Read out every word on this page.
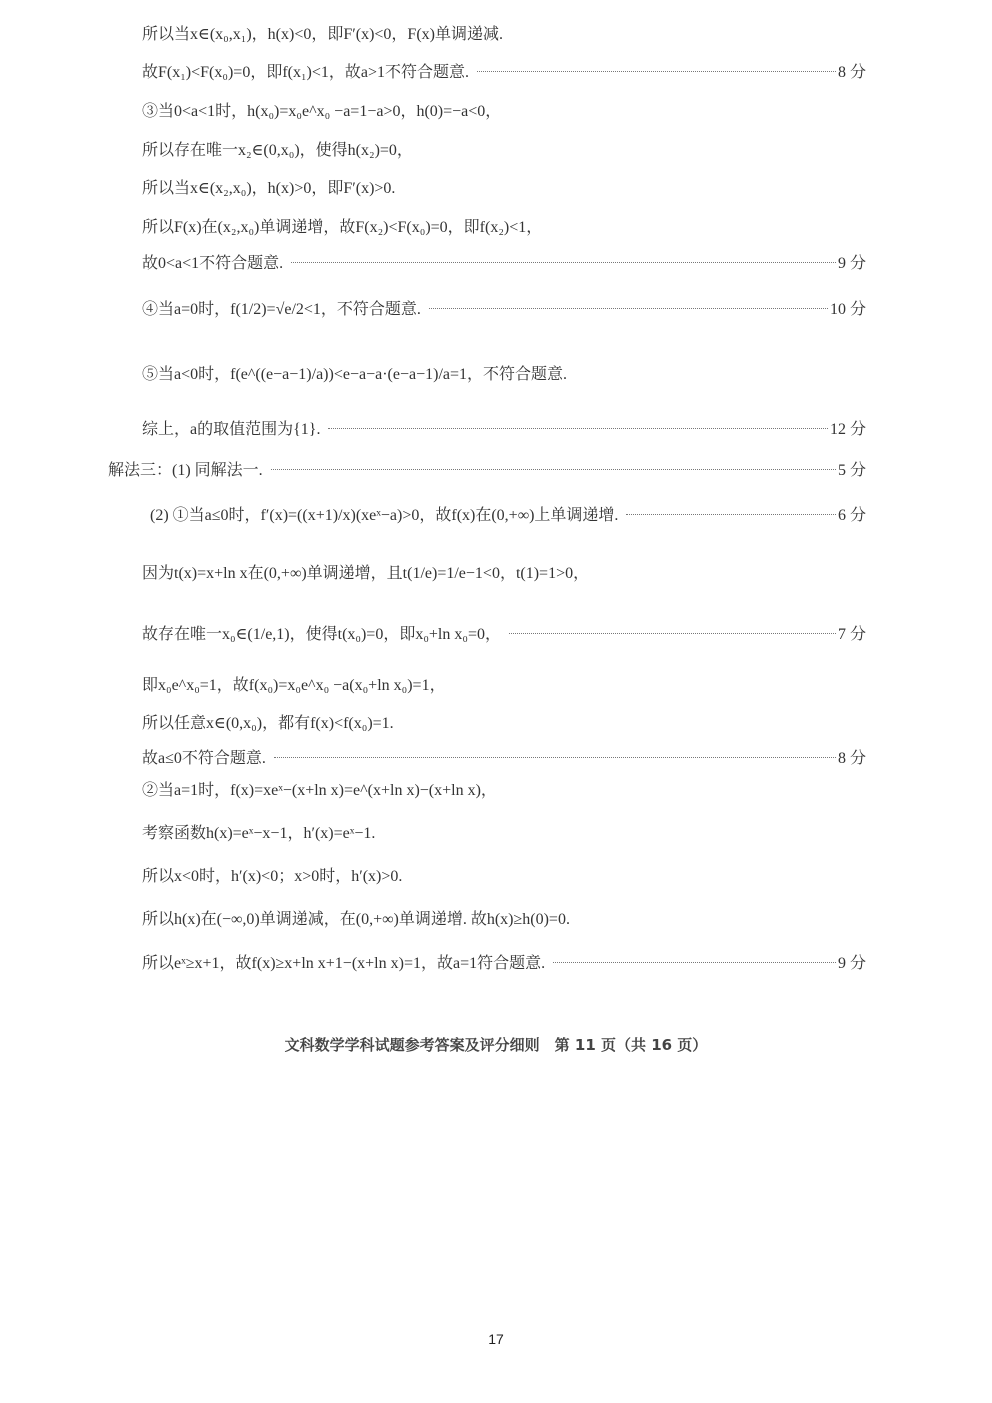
所以当x∈(x₀,x₁)，h(x)<0，即F′(x)<0，F(x)单调递减.
故F(x₁)<F(x₀)=0，即f(x₁)<1，故a>1不符合题意.	8 分
③当0<a<1时，h(x₀)=x₀e^x₀ −a=1−a>0，h(0)=−a<0，
所以存在唯一x₂∈(0,x₀)，使得h(x₂)=0，
所以当x∈(x₂,x₀)，h(x)>0，即F′(x)>0.
所以F(x)在(x₂,x₀)单调递增，故F(x₂)<F(x₀)=0，即f(x₂)<1，
故0<a<1不符合题意.	9 分
④当a=0时，f(1/2)=√e/2<1，不符合题意.	10 分
⑤当a<0时，f(e^((e−a−1)/a))<e−a−a·(e−a−1)/a=1，不符合题意.
综上，a的取值范围为{1}.	12 分
解法三：(1) 同解法一.	5 分
(2) ①当a≤0时，f′(x)=((x+1)/x)(xeˣ−a)>0，故f(x)在(0,+∞)上单调递增.	6 分
因为t(x)=x+ln x在(0,+∞)单调递增，且t(1/e)=1/e−1<0，t(1)=1>0，
故存在唯一x₀∈(1/e,1)，使得t(x₀)=0，即x₀+ln x₀=0，	7 分
即x₀e^x₀=1，故f(x₀)=x₀e^x₀ −a(x₀+ln x₀)=1，
所以任意x∈(0,x₀)，都有f(x)<f(x₀)=1.
故a≤0不符合题意.	8 分
②当a=1时，f(x)=xeˣ−(x+ln x)=e^(x+ln x)−(x+ln x)，
考察函数h(x)=eˣ−x−1，h′(x)=eˣ−1.
所以x<0时，h′(x)<0；x>0时，h′(x)>0.
所以h(x)在(−∞,0)单调递减，在(0,+∞)单调递增. 故h(x)≥h(0)=0.
所以eˣ≥x+1，故f(x)≥x+ln x+1−(x+ln x)=1，故a=1符合题意.	9 分
文科数学学科试题参考答案及评分细则　第 11 页（共 16 页）
17
